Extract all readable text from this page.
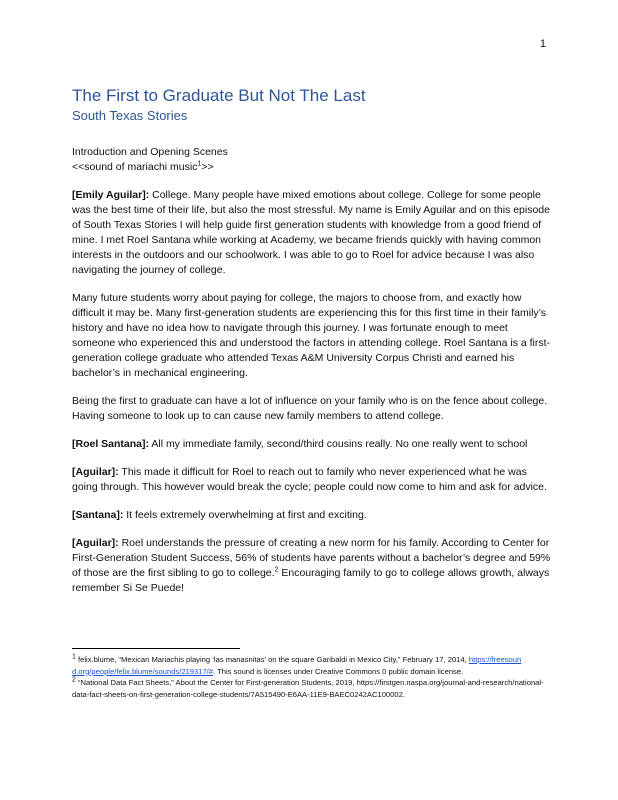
1
The First to Graduate But Not The Last
South Texas Stories

Introduction and Opening Scenes

<<sound of mariachi music$^1$>>

[Emily Aguilar]: College. Many people have mixed emotions about college. College for some people was the best time of their life, but also the most stressful. My name is Emily Aguilar and on this episode of South Texas Stories I will help guide first generation students with knowledge from a good friend of mine. I met Roel Santana while working at Academy, we became friends quickly with having common interests in the outdoors and our schoolwork. I was able to go to Roel for advice because I was also navigating the journey of college.

Many future students worry about paying for college, the majors to choose from, and exactly how difficult it may be. Many first-generation students are experiencing this for this first time in their family’s history and have no idea how to navigate through this journey. I was fortunate enough to meet someone who experienced this and understood the factors in attending college. Roel Santana is a first-generation college graduate who attended Texas A&M University Corpus Christi and earned his bachelor’s in mechanical engineering.

Being the first to graduate can have a lot of influence on your family who is on the fence about college. Having someone to look up to can cause new family members to attend college.

[Roel Santana]: All my immediate family, second/third cousins really. No one really went to school

[Aguilar]: This made it difficult for Roel to reach out to family who never experienced what he was going through. This however would break the cycle; people could now come to him and ask for advice.

[Santana]: It feels extremely overwhelming at first and exciting.

[Aguilar]: Roel understands the pressure of creating a new norm for his family. According to Center for First-Generation Student Success, 56% of students have parents without a bachelor’s degree and 59% of those are the first sibling to go to college.$^2$ Encouraging family to go to college allows growth, always remember Si Se Puede!

$^1$ felix.blume, “Mexican Mariachis playing ‘las manasnitas’ on the square Garibaldi in Mexico City,” February 17, 2014, https://freesoun d.org/people/felix.blume/sounds/219317/#. This sound is licenses under Creative Commons 0 public domain license.

$^2$ “National Data Fact Sheets,” About the Center for First-generation Students, 2019, https://firstgen.naspa.org/journal-and-research/national-data-fact-sheets-on-first-generation-college-students/7A515490-E6AA-11E9-BAEC0242AC100002.
